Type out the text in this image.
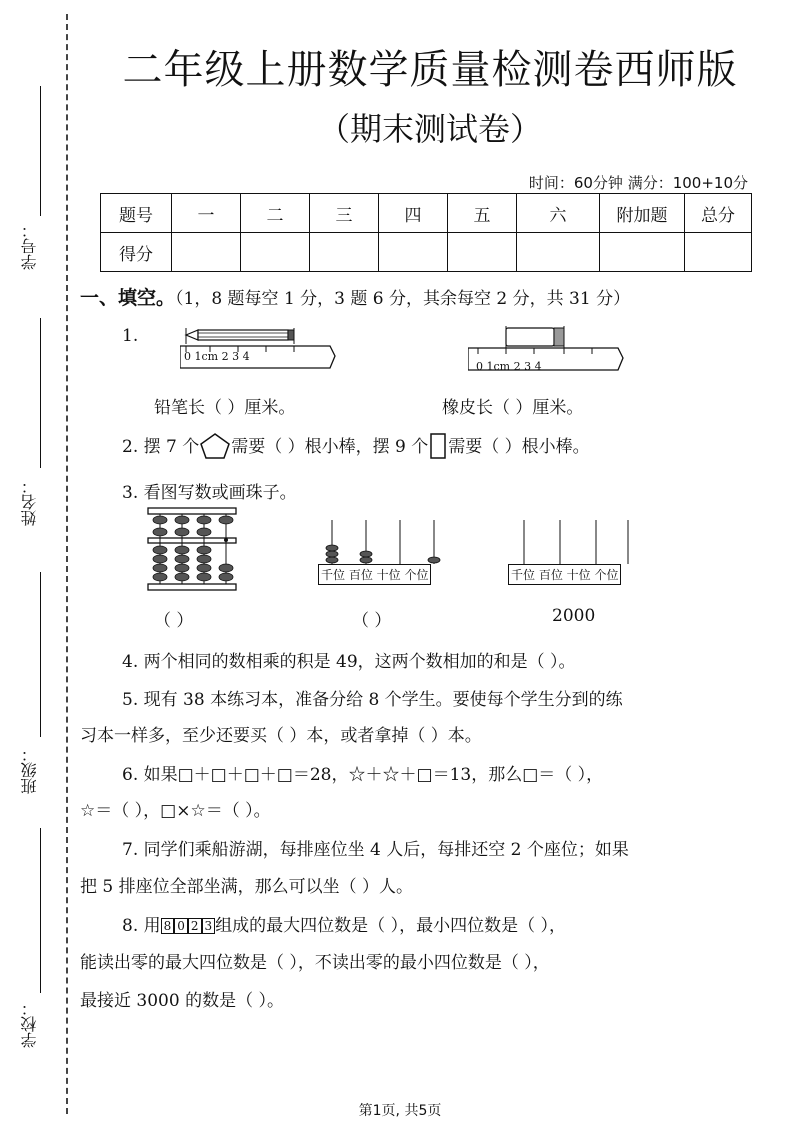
学号：
姓名：
班级：
学校：
二年级上册数学质量检测卷西师版
（期末测试卷）
时间：60分钟 满分：100+10分
题号	一	二	三	四	五	六	附加题	总分
得分								
一、填空。（1，8 题每空 1 分，3 题 6 分，其余每空 2 分，共 31 分）
1.
0 1cm 2 3 4
0 1cm 2 3 4
铅笔长（ ）厘米。	橡皮长（ ）厘米。
2. 摆 7 个 需要（ ）根小棒，摆 9 个 需要（ ）根小棒。
3. 看图写数或画珠子。
千位 百位 十位 个位	千位 百位 十位 个位
（ ）	（ ）	2000
4. 两个相同的数相乘的积是 49，这两个数相加的和是（ ）。
5. 现有 38 本练习本，准备分给 8 个学生。要使每个学生分到的练
习本一样多，至少还要买（ ）本，或者拿掉（ ）本。
6. 如果□＋□＋□＋□＝28，☆＋☆＋□＝13，那么□＝（ ），
☆＝（ ），□×☆＝（ ）。
7. 同学们乘船游湖，每排座位坐 4 人后，每排还空 2 个座位；如果
把 5 排座位全部坐满，那么可以坐（ ）人。
8. 用 8 0 2 3 组成的最大四位数是（ ），最小四位数是（ ），
能读出零的最大四位数是（ ），不读出零的最小四位数是（ ），
最接近 3000 的数是（ ）。
第1页, 共5页
